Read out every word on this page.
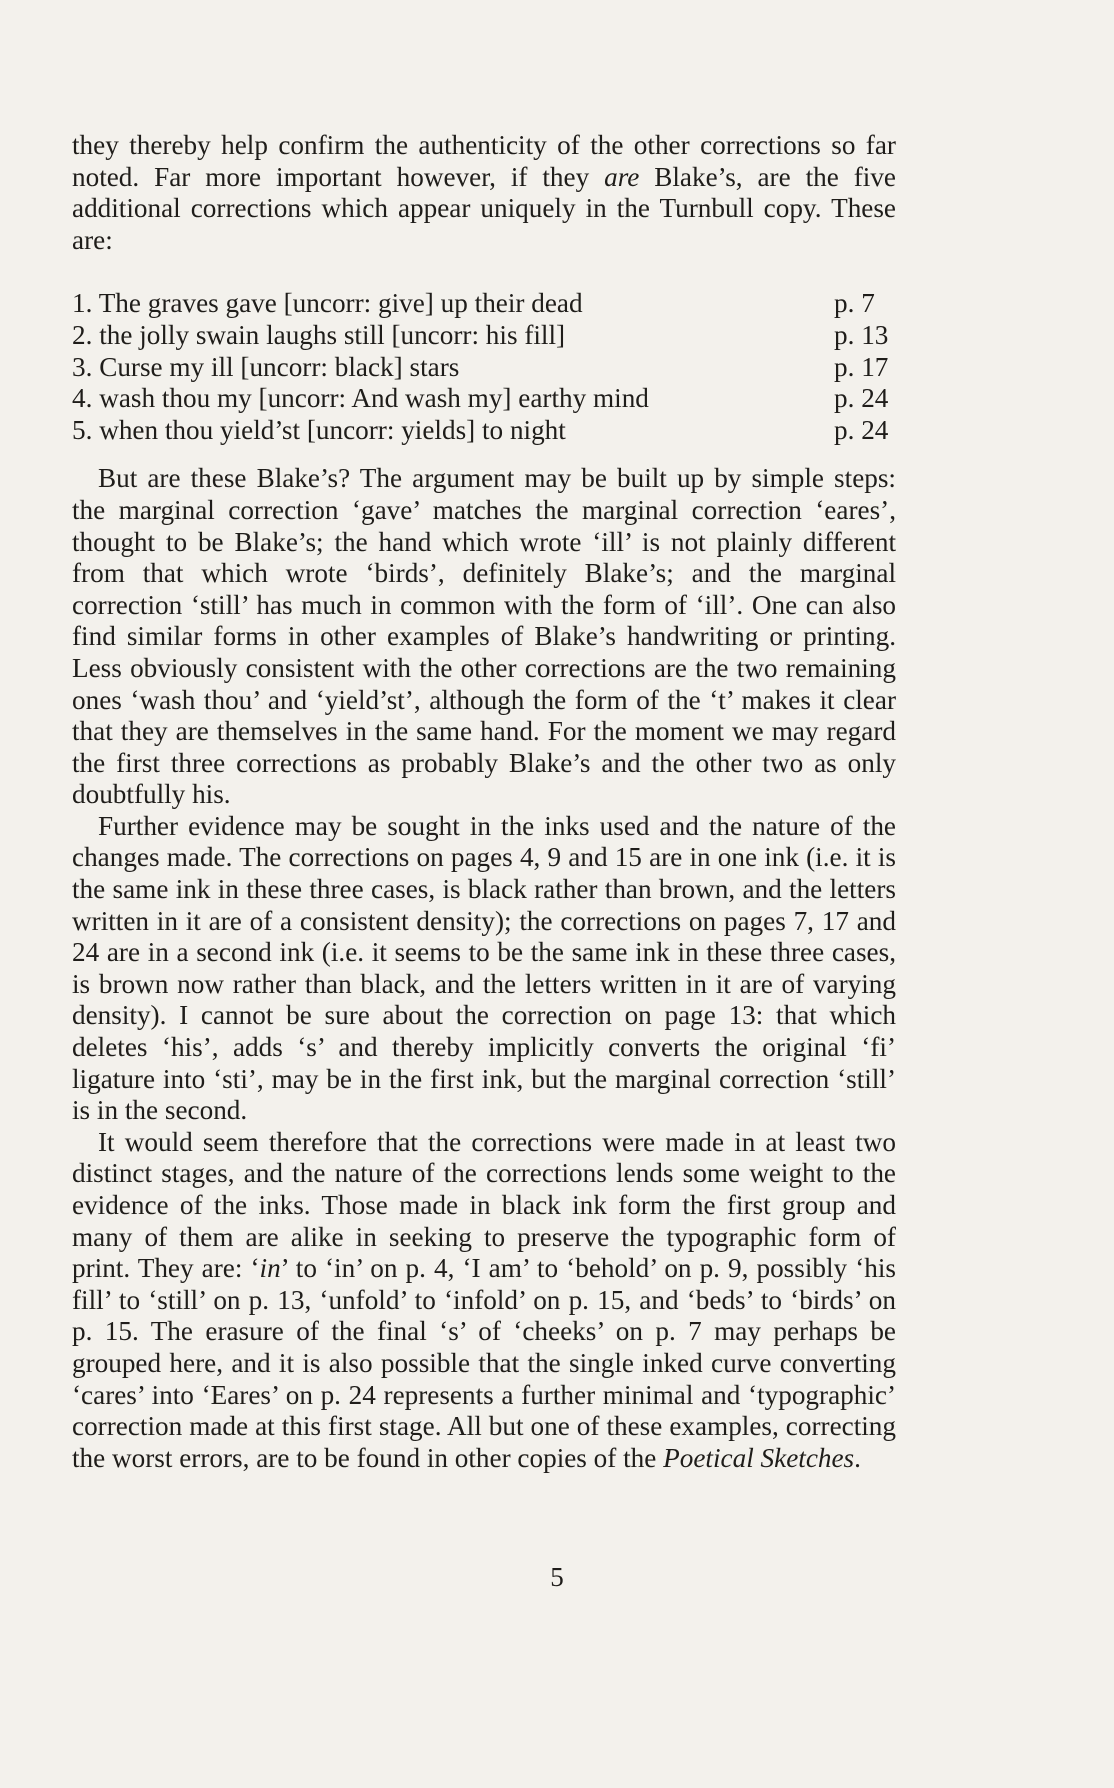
they thereby help confirm the authenticity of the other corrections so far noted. Far more important however, if they are Blake’s, are the five additional corrections which appear uniquely in the Turnbull copy. These are:

1. The graves gave [uncorr: give] up their dead	p. 7
2. the jolly swain laughs still [uncorr: his fill]	p. 13
3. Curse my ill [uncorr: black] stars	p. 17
4. wash thou my [uncorr: And wash my] earthy mind	p. 24
5. when thou yield’st [uncorr: yields] to night	p. 24

But are these Blake’s? The argument may be built up by simple steps: the marginal correction ‘gave’ matches the marginal correction ‘eares’, thought to be Blake’s; the hand which wrote ‘ill’ is not plainly different from that which wrote ‘birds’, definitely Blake’s; and the marginal correction ‘still’ has much in common with the form of ‘ill’. One can also find similar forms in other examples of Blake’s handwriting or printing. Less obviously consistent with the other corrections are the two remaining ones ‘wash thou’ and ‘yield’st’, although the form of the ‘t’ makes it clear that they are themselves in the same hand. For the moment we may regard the first three corrections as probably Blake’s and the other two as only doubtfully his.

Further evidence may be sought in the inks used and the nature of the changes made. The corrections on pages 4, 9 and 15 are in one ink (i.e. it is the same ink in these three cases, is black rather than brown, and the letters written in it are of a consistent density); the corrections on pages 7, 17 and 24 are in a second ink (i.e. it seems to be the same ink in these three cases, is brown now rather than black, and the letters written in it are of varying density). I cannot be sure about the correction on page 13: that which deletes ‘his’, adds ‘s’ and thereby implicitly converts the original ‘fi’ ligature into ‘sti’, may be in the first ink, but the marginal correction ‘still’ is in the second.

It would seem therefore that the corrections were made in at least two distinct stages, and the nature of the corrections lends some weight to the evidence of the inks. Those made in black ink form the first group and many of them are alike in seeking to preserve the typographic form of print. They are: ‘in’ to ‘in’ on p. 4, ‘I am’ to ‘behold’ on p. 9, possibly ‘his fill’ to ‘still’ on p. 13, ‘unfold’ to ‘infold’ on p. 15, and ‘beds’ to ‘birds’ on p. 15. The erasure of the final ‘s’ of ‘cheeks’ on p. 7 may perhaps be grouped here, and it is also possible that the single inked curve converting ‘cares’ into ‘Eares’ on p. 24 represents a further minimal and ‘typographic’ correction made at this first stage. All but one of these examples, correcting the worst errors, are to be found in other copies of the Poetical Sketches.

5
